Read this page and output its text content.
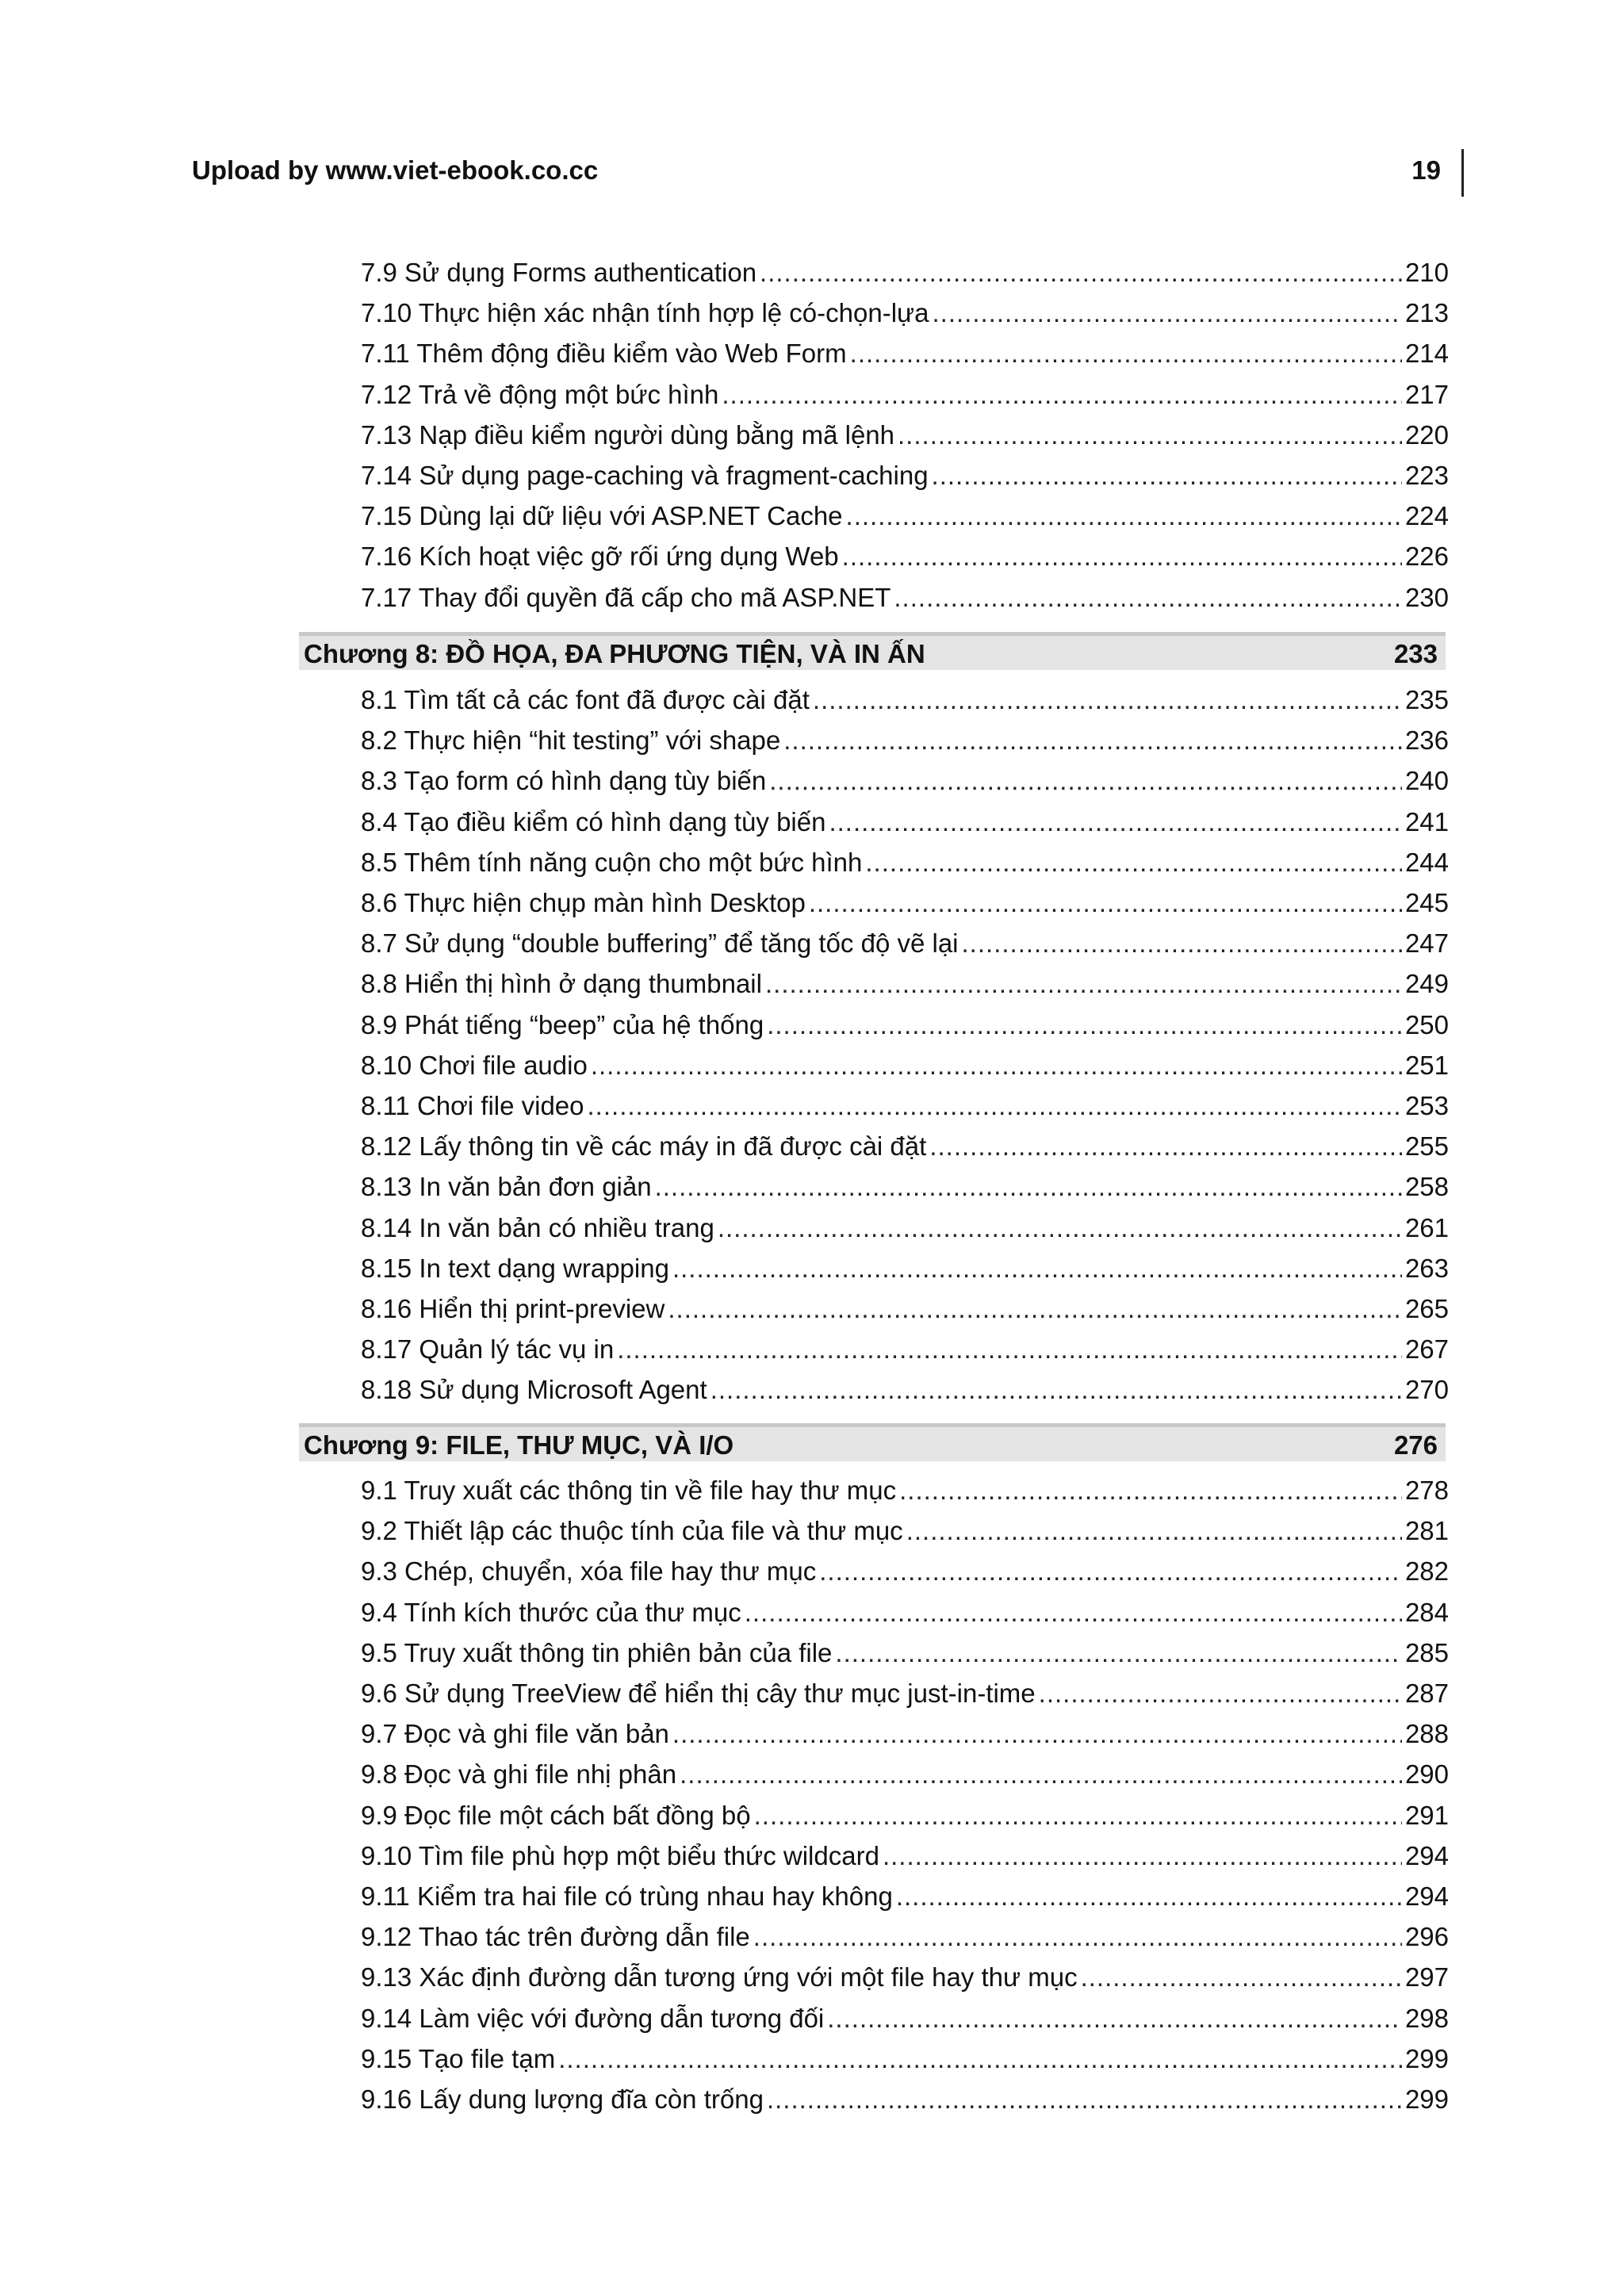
Upload by www.viet-ebook.co.cc	19
7.9 Sử dụng Forms authentication .....	210
7.10 Thực hiện xác nhận tính hợp lệ có-chọn-lựa .....	213
7.11 Thêm động điều kiểm vào Web Form .....	214
7.12 Trả về động một bức hình .....	217
7.13 Nạp điều kiểm người dùng bằng mã lệnh .....	220
7.14 Sử dụng page-caching và fragment-caching .....	223
7.15 Dùng lại dữ liệu với ASP.NET Cache .....	224
7.16 Kích hoạt việc gỡ rối ứng dụng Web .....	226
7.17 Thay đổi quyền đã cấp cho mã ASP.NET .....	230
Chương 8: ĐỒ HỌA, ĐA PHƯƠNG TIỆN, VÀ IN ẤN	233
8.1 Tìm tất cả các font đã được cài đặt .....	235
8.2 Thực hiện “hit testing” với shape .....	236
8.3 Tạo form có hình dạng tùy biến .....	240
8.4 Tạo điều kiểm có hình dạng tùy biến .....	241
8.5 Thêm tính năng cuộn cho một bức hình .....	244
8.6 Thực hiện chụp màn hình Desktop .....	245
8.7 Sử dụng “double buffering” để tăng tốc độ vẽ lại .....	247
8.8 Hiển thị hình ở dạng thumbnail .....	249
8.9 Phát tiếng “beep” của hệ thống .....	250
8.10 Chơi file audio .....	251
8.11 Chơi file video .....	253
8.12 Lấy thông tin về các máy in đã được cài đặt .....	255
8.13 In văn bản đơn giản .....	258
8.14 In văn bản có nhiều trang .....	261
8.15 In text dạng wrapping .....	263
8.16 Hiển thị print-preview .....	265
8.17 Quản lý tác vụ in .....	267
8.18 Sử dụng Microsoft Agent .....	270
Chương 9: FILE, THƯ MỤC, VÀ I/O	276
9.1 Truy xuất các thông tin về file hay thư mục .....	278
9.2 Thiết lập các thuộc tính của file và thư mục .....	281
9.3 Chép, chuyển, xóa file hay thư mục .....	282
9.4 Tính kích thước của thư mục .....	284
9.5 Truy xuất thông tin phiên bản của file .....	285
9.6 Sử dụng TreeView để hiển thị cây thư mục just-in-time .....	287
9.7 Đọc và ghi file văn bản .....	288
9.8 Đọc và ghi file nhị phân .....	290
9.9 Đọc file một cách bất đồng bộ .....	291
9.10 Tìm file phù hợp một biểu thức wildcard .....	294
9.11 Kiểm tra hai file có trùng nhau hay không .....	294
9.12 Thao tác trên đường dẫn file .....	296
9.13 Xác định đường dẫn tương ứng với một file hay thư mục .....	297
9.14 Làm việc với đường dẫn tương đối .....	298
9.15 Tạo file tạm .....	299
9.16 Lấy dung lượng đĩa còn trống .....	299
